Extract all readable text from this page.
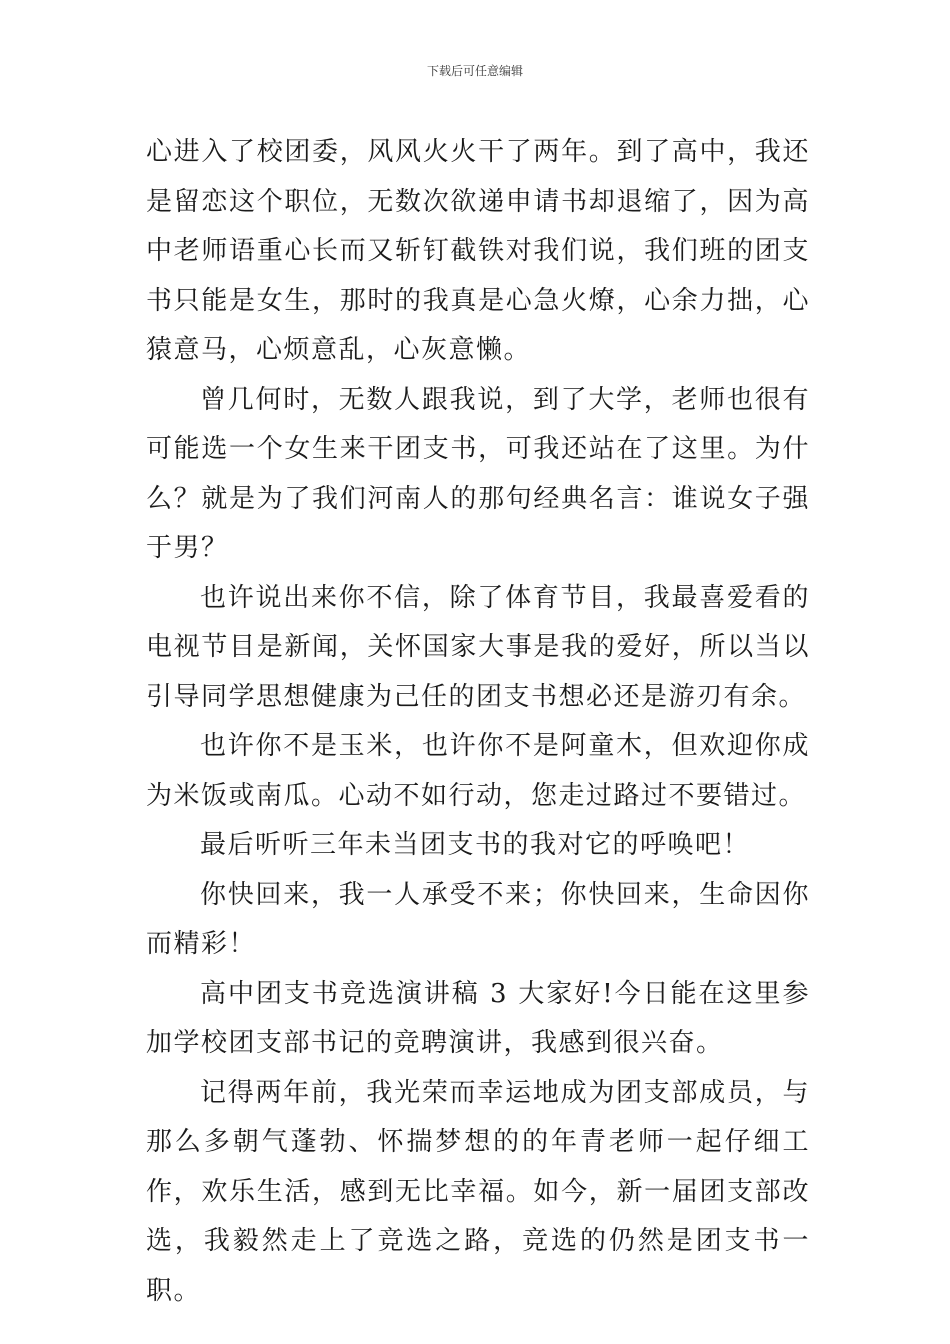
下载后可任意编辑

心进入了校团委，风风火火干了两年。到了高中，我还是留恋这个职位，无数次欲递申请书却退缩了，因为高中老师语重心长而又斩钉截铁对我们说，我们班的团支书只能是女生，那时的我真是心急火燎，心余力拙，心猿意马，心烦意乱，心灰意懒。

曾几何时，无数人跟我说，到了大学，老师也很有可能选一个女生来干团支书，可我还站在了这里。为什么？就是为了我们河南人的那句经典名言：谁说女子强于男？

也许说出来你不信，除了体育节目，我最喜爱看的电视节目是新闻，关怀国家大事是我的爱好，所以当以引导同学思想健康为己任的团支书想必还是游刃有余。

也许你不是玉米，也许你不是阿童木，但欢迎你成为米饭或南瓜。心动不如行动，您走过路过不要错过。

最后听听三年未当团支书的我对它的呼唤吧！

你快回来，我一人承受不来；你快回来，生命因你而精彩！

高中团支书竞选演讲稿 3 大家好!今日能在这里参加学校团支部书记的竞聘演讲，我感到很兴奋。

记得两年前，我光荣而幸运地成为团支部成员，与那么多朝气蓬勃、怀揣梦想的的年青老师一起仔细工作，欢乐生活，感到无比幸福。如今，新一届团支部改选，我毅然走上了竞选之路，竞选的仍然是团支书一职。
